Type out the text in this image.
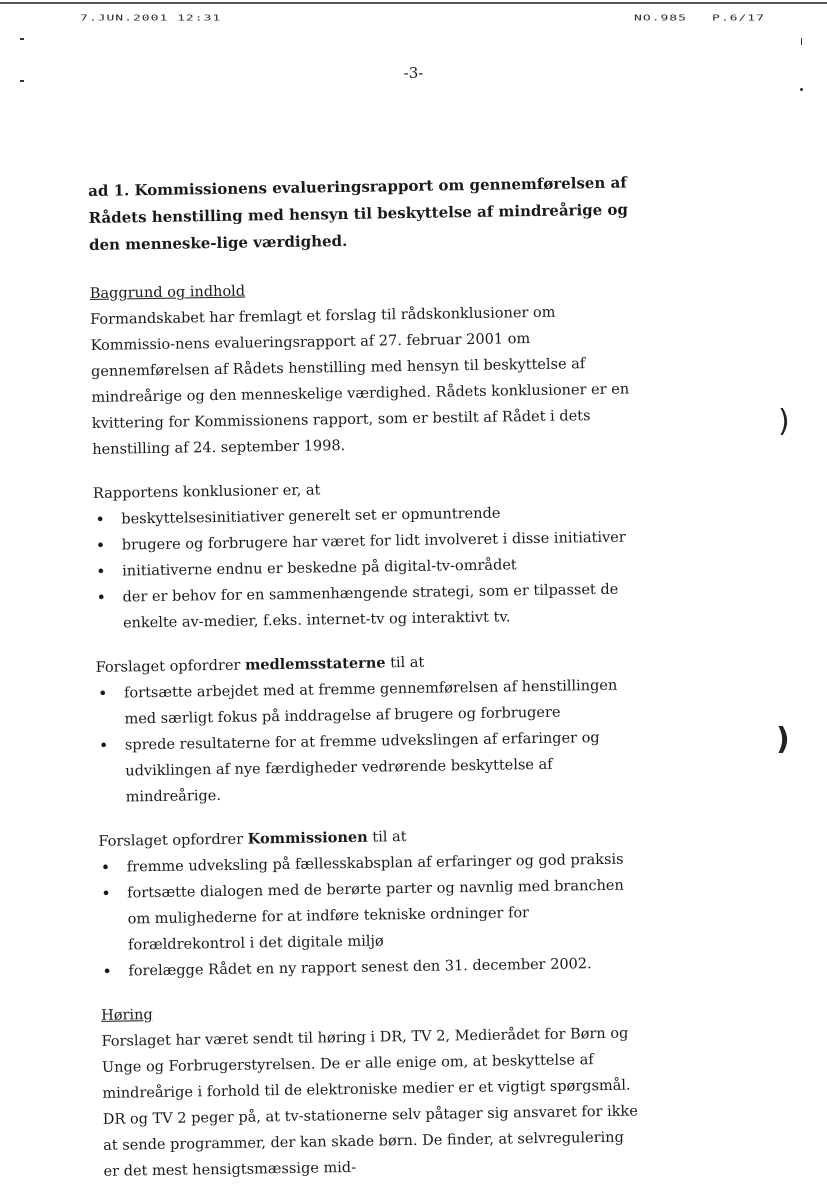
7.JUN.2001 12:31	NO.985 P.6/17
-3-

ad 1. Kommissionens evalueringsrapport om gennemførelsen af Rådets henstilling med hensyn til beskyttelse af mindreårige og den menneske-lige værdighed.

Baggrund og indhold

Formandskabet har fremlagt et forslag til rådskonklusioner om Kommissio-nens evalueringsrapport af 27. februar 2001 om gennemførelsen af Rådets henstilling med hensyn til beskyttelse af mindreårige og den menneskelige værdighed. Rådets konklusioner er en kvittering for Kommissionens rapport, som er bestilt af Rådet i dets henstilling af 24. september 1998.

Rapportens konklusioner er, at

• beskyttelsesinitiativer generelt set er opmuntrende
• brugere og forbrugere har været for lidt involveret i disse initiativer
• initiativerne endnu er beskedne på digital-tv-området
• der er behov for en sammenhængende strategi, som er tilpasset de enkelte av-medier, f.eks. internet-tv og interaktivt tv.

Forslaget opfordrer medlemsstaterne til at

• fortsætte arbejdet med at fremme gennemførelsen af henstillingen med særligt fokus på inddragelse af brugere og forbrugere
• sprede resultaterne for at fremme udvekslingen af erfaringer og udviklingen af nye færdigheder vedrørende beskyttelse af mindreårige.

Forslaget opfordrer Kommissionen til at

• fremme udveksling på fællesskabsplan af erfaringer og god praksis
• fortsætte dialogen med de berørte parter og navnlig med branchen om mulighederne for at indføre tekniske ordninger for forældrekontrol i det digitale miljø
• forelægge Rådet en ny rapport senest den 31. december 2002.

Høring

Forslaget har været sendt til høring i DR, TV 2, Medierådet for Børn og Unge og Forbrugerstyrelsen. De er alle enige om, at beskyttelse af mindreårige i forhold til de elektroniske medier er et vigtigt spørgsmål. DR og TV 2 peger på, at tv-stationerne selv påtager sig ansvaret for ikke at sende programmer, der kan skade børn. De finder, at selvregulering er det mest hensigtsmæssige mid-

)
)
